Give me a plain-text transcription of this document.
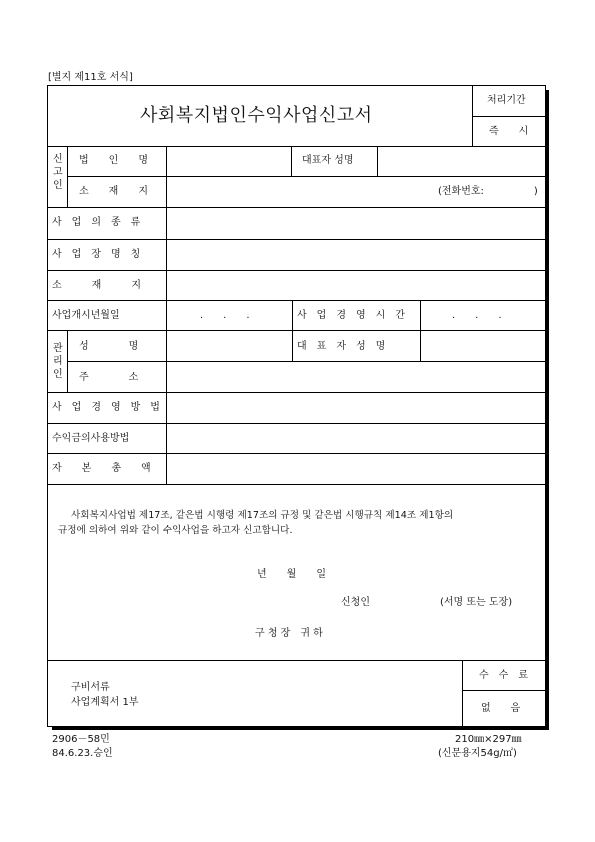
[별지 제11호 서식]
사회복지법인수익사업신고서
처리기간
즉　　시
신
고
인
법　　인　　명	대표자 성명
소　　재　　지	(전화번호:　　　　　)
사　업　의　종　류
사　업　장　명　칭
소　　　재　　　지
사업개시년월일	.　　.　　.	사　업　경　영　시　간	.　　.　　.
관
리
인
성　　　　명	대　표　자　성　명
주　　　　소
사　업　경　영　방　법
수익금의사용방법
자　　본　　총　　액
사회복지사업법 제17조, 같은법 시행령 제17조의 규정 및 같은법 시행규칙 제14조 제1항의
규정에 의하여 위와 같이 수익사업을 하고자 신고합니다.
년　　월　　일
신청인	(서명 또는 도장)
구 청 장　귀 하
구비서류
사업계획서 1부
수　수　료
없　　음
2906－58민
84.6.23.승인
210㎜×297㎜
(신문용지54g/㎡)
